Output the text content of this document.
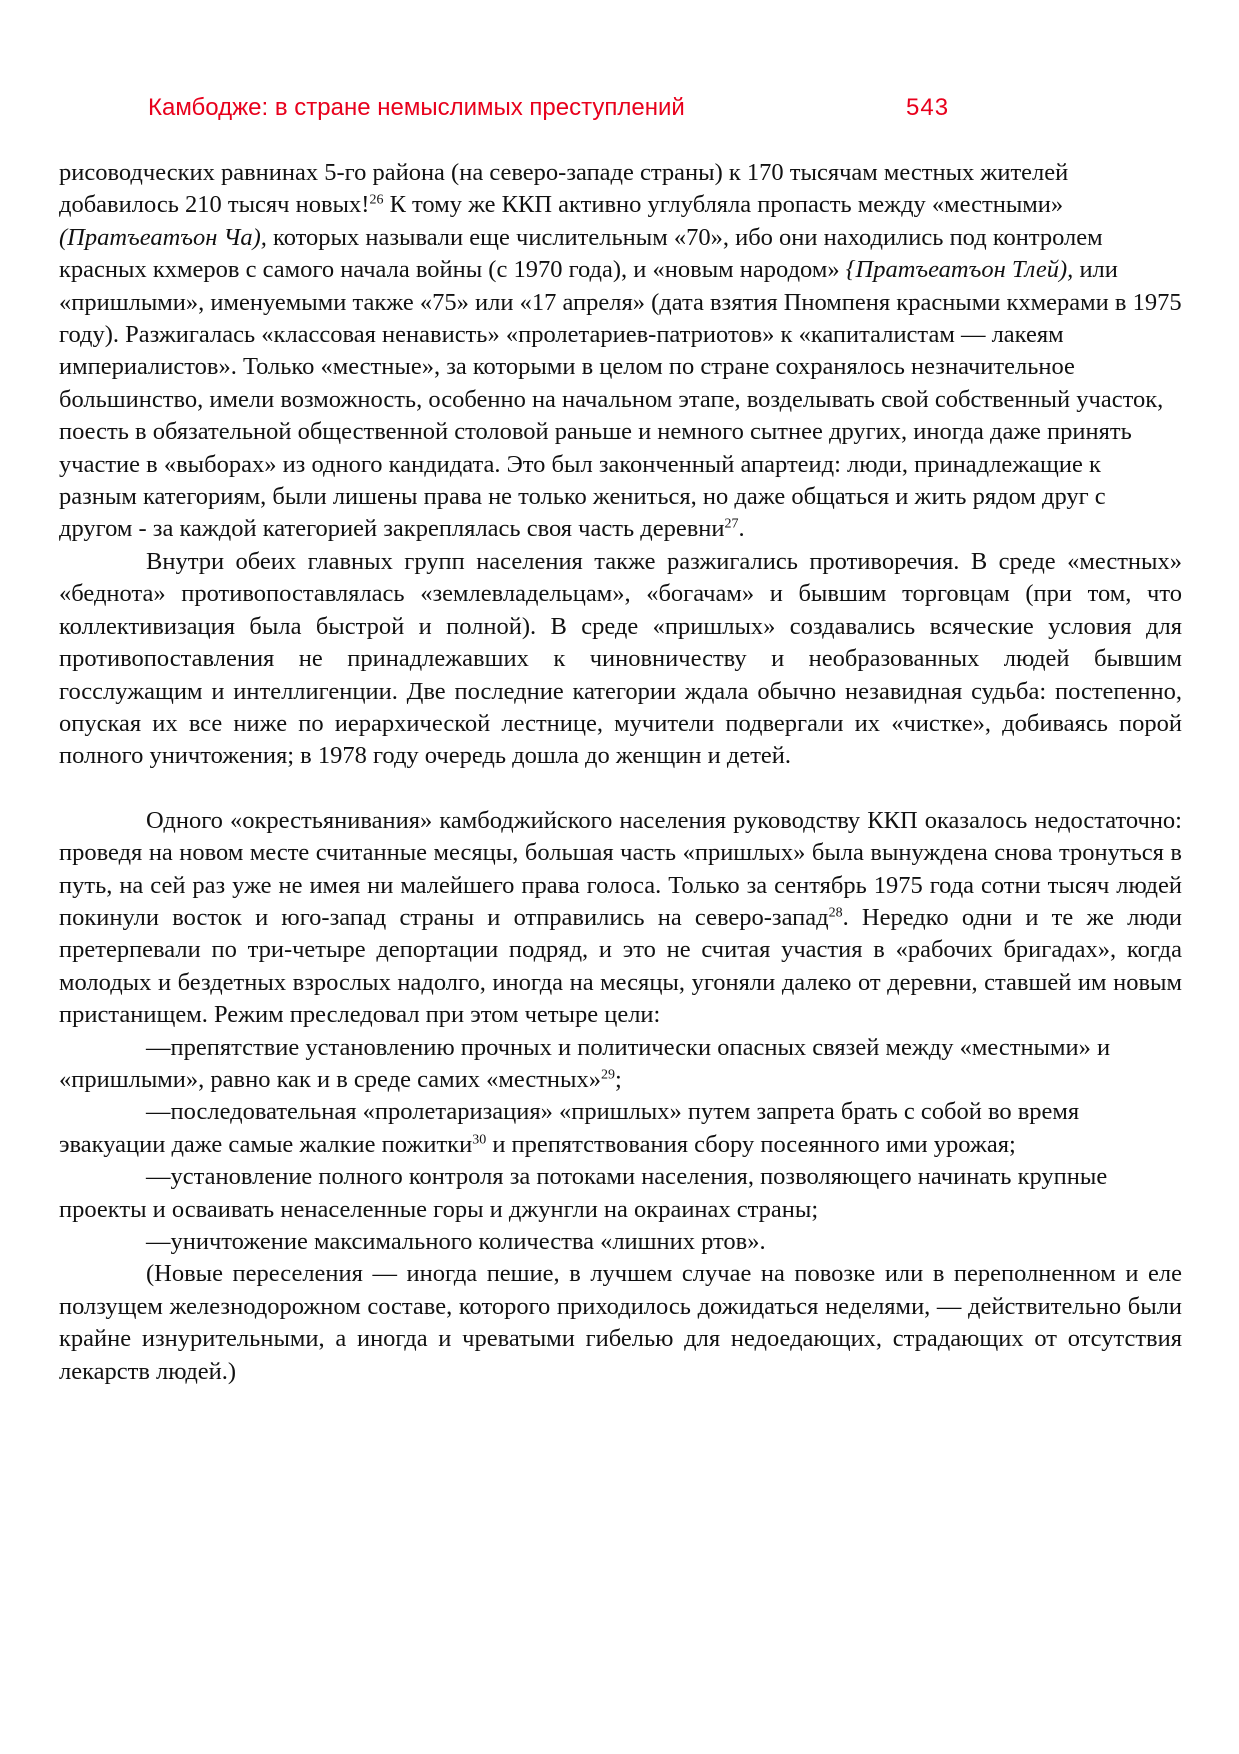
Камбодже: в стране немыслимых преступлений	543

рисоводческих равнинах 5-го района (на северо-западе страны) к 170 тысячам местных жителей добавилось 210 тысяч новых!$^{26}$ К тому же ККП активно углубляла пропасть между «местными» (Пратъеатъон Ча), которых называли еще числительным «70», ибо они находились под контролем красных кхмеров с самого начала войны (с 1970 года), и «новым народом» {Пратъеатъон Тлей), или «пришлыми», именуемыми также «75» или «17 апреля» (дата взятия Пномпеня красными кхмерами в 1975 году). Разжигалась «классовая ненависть» «пролетариев-патриотов» к «капиталистам — лакеям империалистов». Только «местные», за которыми в целом по стране сохранялось незначительное большинство, имели возможность, особенно на начальном этапе, возделывать свой собственный участок, поесть в обязательной общественной столовой раньше и немного сытнее других, иногда даже принять участие в «выборах» из одного кандидата. Это был законченный апартеид: люди, принадлежащие к разным категориям, были лишены права не только жениться, но даже общаться и жить рядом друг с другом - за каждой категорией закреплялась своя часть деревни$^{27}$.

Внутри обеих главных групп населения также разжигались противоречия. В среде «местных» «беднота» противопоставлялась «землевладельцам», «богачам» и бывшим торговцам (при том, что коллективизация была быстрой и полной). В среде «пришлых» создавались всяческие условия для противопоставления не принадлежавших к чиновничеству и необразованных людей бывшим госслужащим и интеллигенции. Две последние категории ждала обычно незавидная судьба: постепенно, опуская их все ниже по иерархической лестнице, мучители подвергали их «чистке», добиваясь порой полного уничтожения; в 1978 году очередь дошла до женщин и детей.

Одного «окрестьянивания» камбоджийского населения руководству ККП оказалось недостаточно: проведя на новом месте считанные месяцы, большая часть «пришлых» была вынуждена снова тронуться в путь, на сей раз уже не имея ни малейшего права голоса. Только за сентябрь 1975 года сотни тысяч людей покинули восток и юго-запад страны и отправились на северо-запад$^{28}$. Нередко одни и те же люди претерпевали по три-четыре депортации подряд, и это не считая участия в «рабочих бригадах», когда молодых и бездетных взрослых надолго, иногда на месяцы, угоняли далеко от деревни, ставшей им новым пристанищем. Режим преследовал при этом четыре цели:

—препятствие установлению прочных и политически опасных связей между «местными» и «пришлыми», равно как и в среде самих «местных»$^{29}$;

—последовательная «пролетаризация» «пришлых» путем запрета брать с собой во время эвакуации даже самые жалкие пожитки$^{30}$ и препятствования сбору посеянного ими урожая;

—установление полного контроля за потоками населения, позволяющего начинать крупные проекты и осваивать ненаселенные горы и джунгли на окраинах страны;

—уничтожение максимального количества «лишних ртов».

(Новые переселения — иногда пешие, в лучшем случае на повозке или в переполненном и еле ползущем железнодорожном составе, которого приходилось дожидаться неделями, — действительно были крайне изнурительными, а иногда и чреватыми гибелью для недоедающих, страдающих от отсутствия лекарств людей.)
